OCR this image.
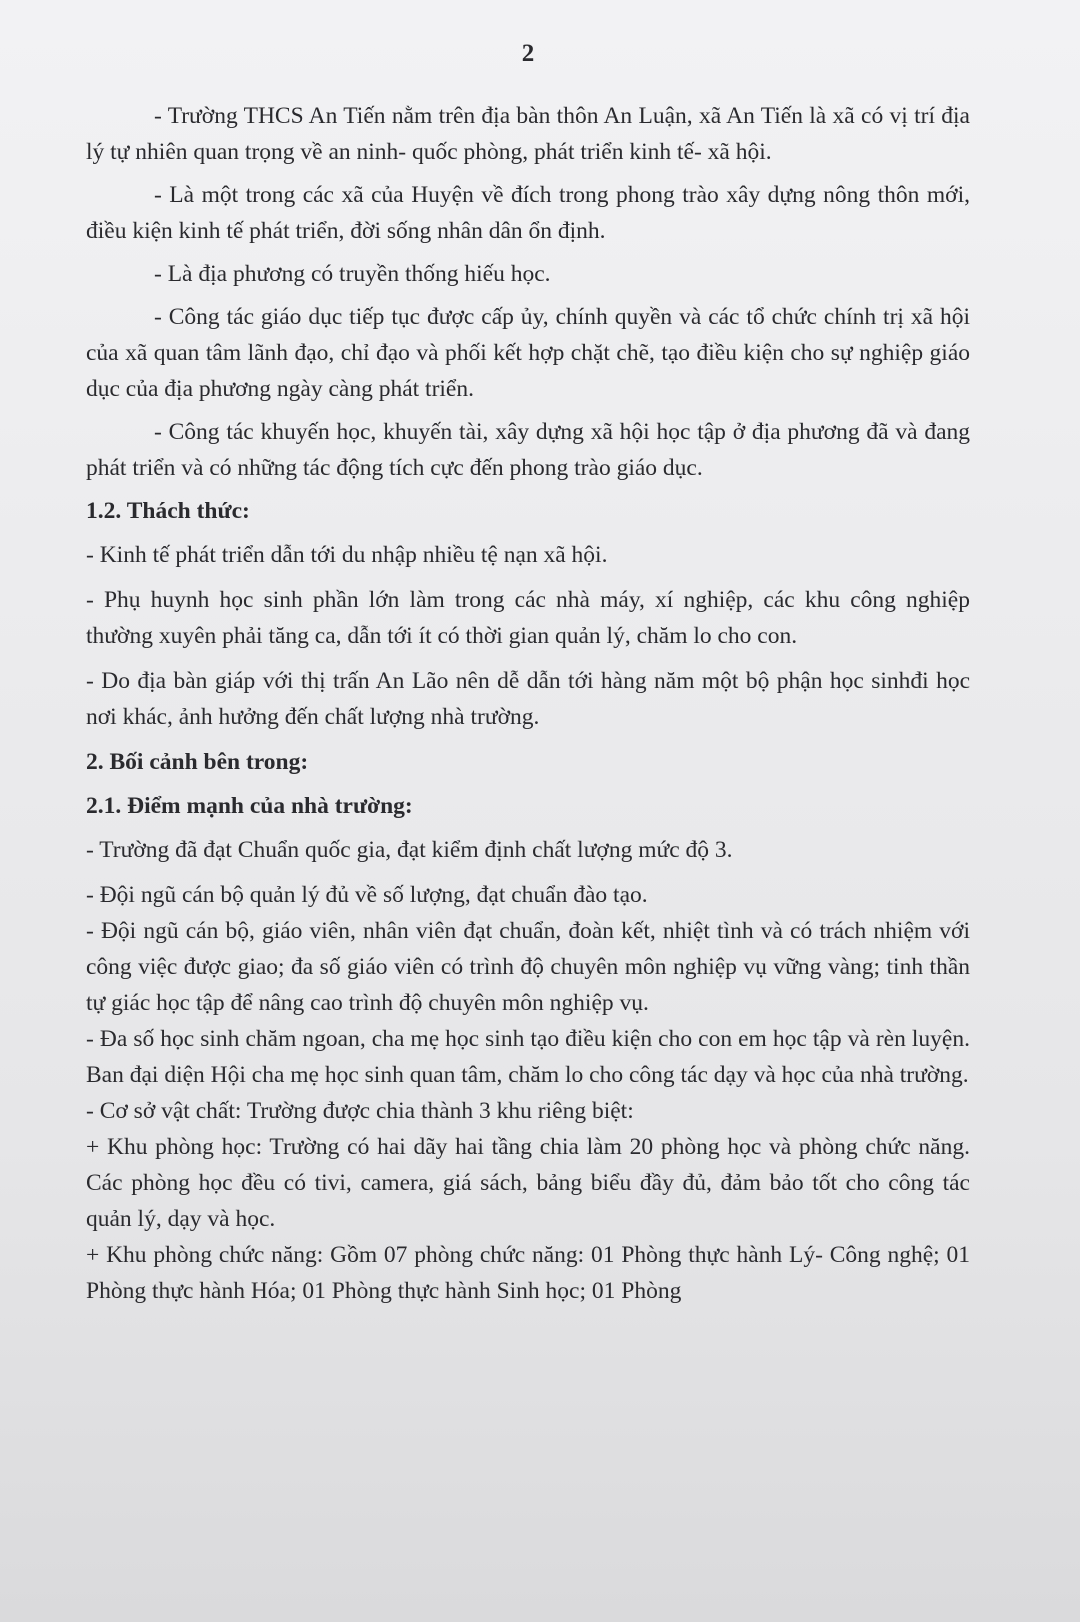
2

- Trường THCS An Tiến nằm trên địa bàn thôn An Luận, xã An Tiến là xã có vị trí địa lý tự nhiên quan trọng về an ninh- quốc phòng, phát triển kinh tế- xã hội.

- Là một trong các xã của Huyện về đích trong phong trào xây dựng nông thôn mới, điều kiện kinh tế phát triển, đời sống nhân dân ổn định.

- Là địa phương có truyền thống hiếu học.

- Công tác giáo dục tiếp tục được cấp ủy, chính quyền và các tổ chức chính trị xã hội của xã quan tâm lãnh đạo, chỉ đạo và phối kết hợp chặt chẽ, tạo điều kiện cho sự nghiệp giáo dục của địa phương ngày càng phát triển.

- Công tác khuyến học, khuyến tài, xây dựng xã hội học tập ở địa phương đã và đang phát triển và có những tác động tích cực đến phong trào giáo dục.

1.2. Thách thức:

- Kinh tế phát triển dẫn tới du nhập nhiều tệ nạn xã hội.

- Phụ huynh học sinh phần lớn làm trong các nhà máy, xí nghiệp, các khu công nghiệp thường xuyên phải tăng ca, dẫn tới ít có thời gian quản lý, chăm lo cho con.

- Do địa bàn giáp với thị trấn An Lão nên dễ dẫn tới hàng năm một bộ phận học sinhđi học nơi khác, ảnh hưởng đến chất lượng nhà trường.

2. Bối cảnh bên trong:
2.1. Điểm mạnh của nhà trường:

- Trường đã đạt Chuẩn quốc gia, đạt kiểm định chất lượng mức độ 3.

- Đội ngũ cán bộ quản lý đủ về số lượng, đạt chuẩn đào tạo.

- Đội ngũ cán bộ, giáo viên, nhân viên đạt chuẩn, đoàn kết, nhiệt tình và có trách nhiệm với công việc được giao; đa số giáo viên có trình độ chuyên môn nghiệp vụ vững vàng; tinh thần tự giác học tập để nâng cao trình độ chuyên môn nghiệp vụ.

- Đa số học sinh chăm ngoan, cha mẹ học sinh tạo điều kiện cho con em học tập và rèn luyện. Ban đại diện Hội cha mẹ học sinh quan tâm, chăm lo cho công tác dạy và học của nhà trường.

- Cơ sở vật chất: Trường được chia thành 3 khu riêng biệt:

+ Khu phòng học: Trường có hai dãy hai tầng chia làm 20 phòng học và phòng chức năng. Các phòng học đều có tivi, camera, giá sách, bảng biểu đầy đủ, đảm bảo tốt cho công tác quản lý, dạy và học.

+ Khu phòng chức năng: Gồm 07 phòng chức năng: 01 Phòng thực hành Lý- Công nghệ; 01 Phòng thực hành Hóa; 01 Phòng thực hành Sinh học; 01 Phòng
